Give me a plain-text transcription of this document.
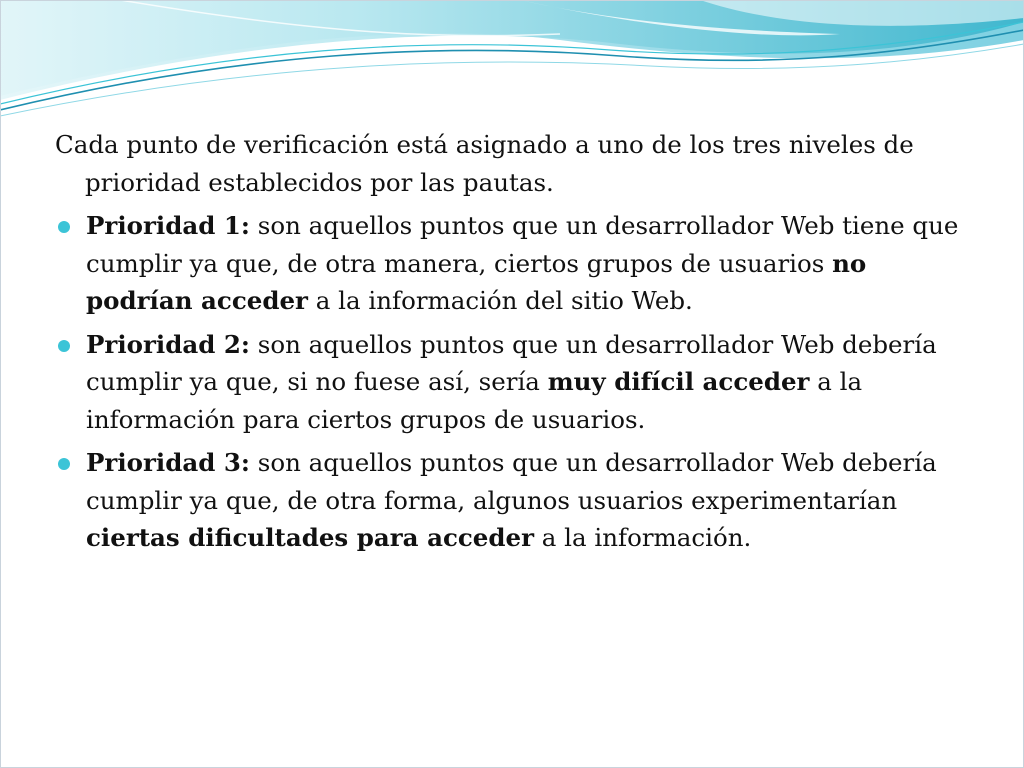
Cada punto de verificación está asignado a uno de los tres niveles de prioridad establecidos por las pautas.

Prioridad 1: son aquellos puntos que un desarrollador Web tiene que cumplir ya que, de otra manera, ciertos grupos de usuarios no podrían acceder a la información del sitio Web.

Prioridad 2: son aquellos puntos que un desarrollador Web debería cumplir ya que, si no fuese así, sería muy difícil acceder a la información para ciertos grupos de usuarios.

Prioridad 3: son aquellos puntos que un desarrollador Web debería cumplir ya que, de otra forma, algunos usuarios experimentarían ciertas dificultades para acceder a la información.
